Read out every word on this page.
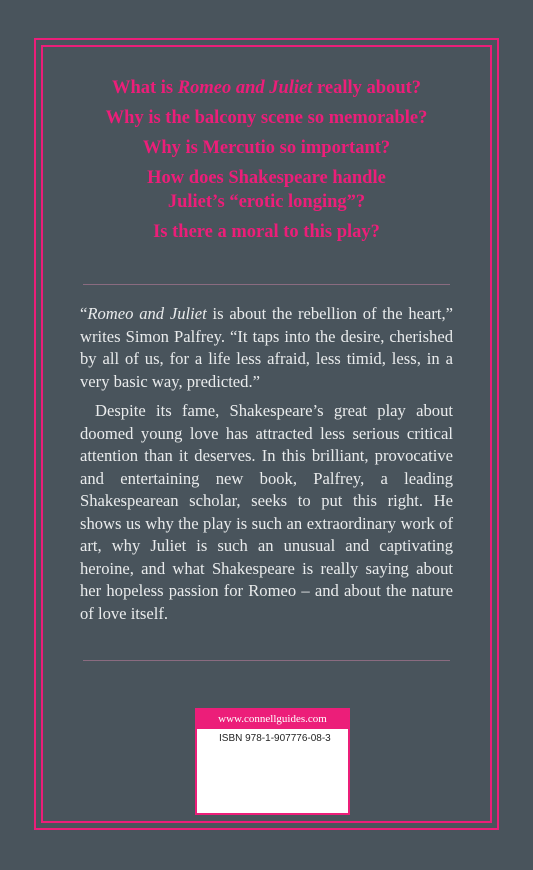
What is Romeo and Juliet really about?
Why is the balcony scene so memorable?
Why is Mercutio so important?
How does Shakespeare handle
Juliet’s “erotic longing”?
Is there a moral to this play?

“Romeo and Juliet is about the rebellion of the heart,” writes Simon Palfrey. “It taps into the desire, cherished by all of us, for a life less afraid, less timid, less, in a very basic way, predicted.”

Despite its fame, Shakespeare’s great play about doomed young love has attracted less serious critical attention than it deserves. In this brilliant, provocative and entertaining new book, Palfrey, a leading Shakespearean scholar, seeks to put this right. He shows us why the play is such an extraordinary work of art, why Juliet is such an unusual and captivating heroine, and what Shakespeare is really saying about her hopeless passion for Romeo – and about the nature of love itself.

www.connellguides.com
ISBN 978-1-907776-08-3
